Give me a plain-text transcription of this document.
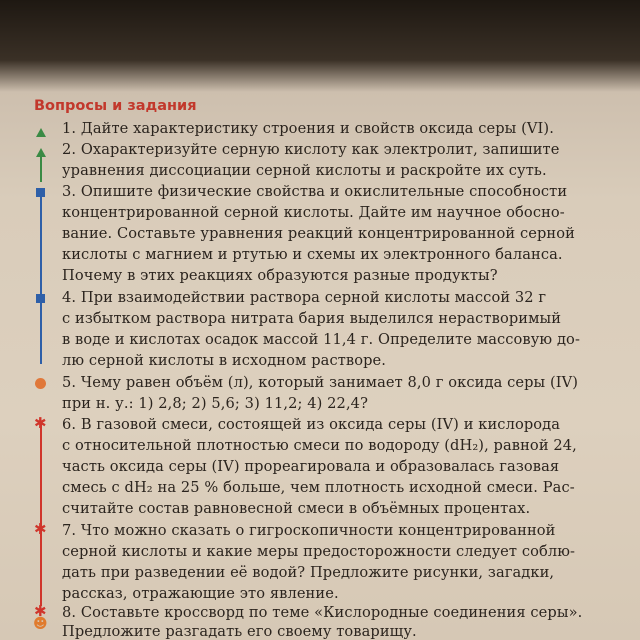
Вопросы и задания
1. Дайте характеристику строения и свойств оксида серы (VI).
2. Охарактеризуйте серную кислоту как электролит, запишите
уравнения диссоциации серной кислоты и раскройте их суть.
3. Опишите физические свойства и окислительные способности
концентрированной серной кислоты. Дайте им научное обосно-
вание. Составьте уравнения реакций концентрированной серной
кислоты с магнием и ртутью и схемы их электронного баланса.
Почему в этих реакциях образуются разные продукты?
4. При взаимодействии раствора серной кислоты массой 32 г
с избытком раствора нитрата бария выделился нерастворимый
в воде и кислотах осадок массой 11,4 г. Определите массовую до-
лю серной кислоты в исходном растворе.
5. Чему равен объём (л), который занимает 8,0 г оксида серы (IV)
при н. у.: 1) 2,8; 2) 5,6; 3) 11,2; 4) 22,4?
✱ 6. В газовой смеси, состоящей из оксида серы (IV) и кислорода
с относительной плотностью смеси по водороду (dH₂), равной 24,
часть оксида серы (IV) прореагировала и образовалась газовая
смесь с dH₂ на 25 % больше, чем плотность исходной смеси. Рас-
считайте состав равновесной смеси в объёмных процентах.
✱ 7. Что можно сказать о гигроскопичности концентрированной
серной кислоты и какие меры предосторожности следует соблю-
дать при разведении её водой? Предложите рисунки, загадки,
рассказ, отражающие это явление.
✱ 8. Составьте кроссворд по теме «Кислородные соединения серы».
Предложите разгадать его своему товарищу.
☻
